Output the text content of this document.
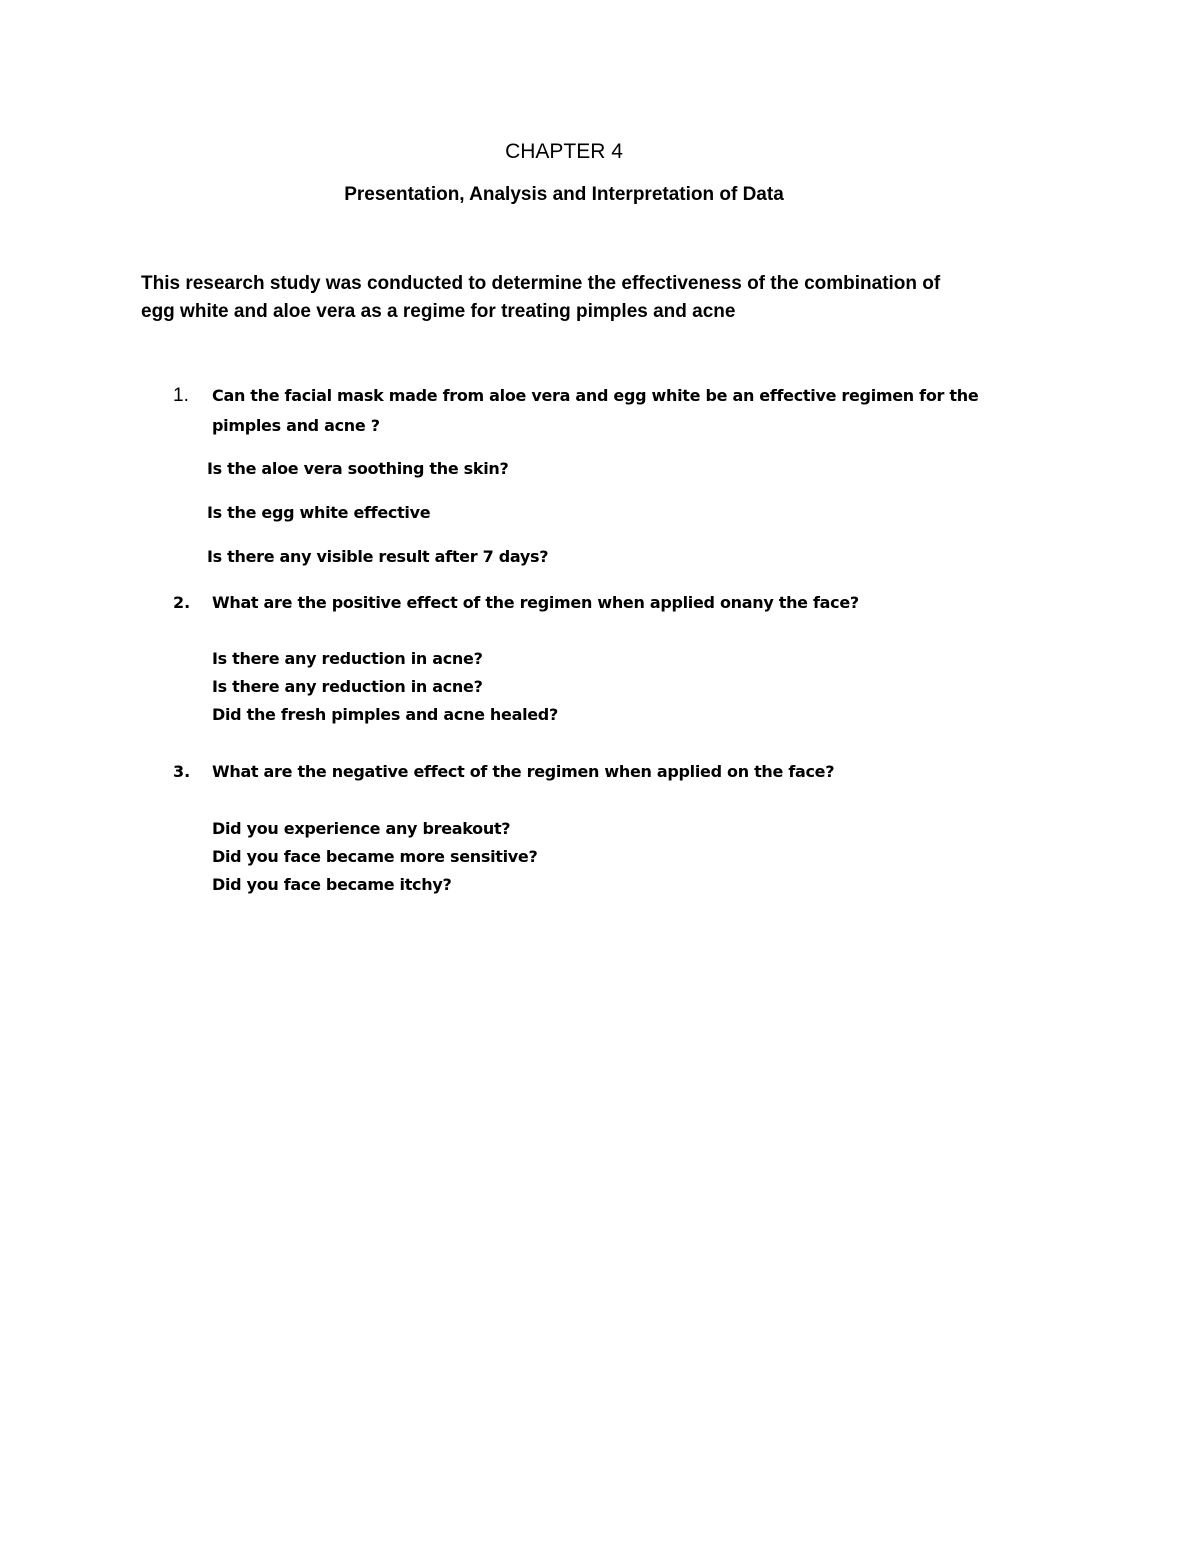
CHAPTER 4
Presentation, Analysis and Interpretation of Data

This research study was conducted to determine the effectiveness of the combination of
egg white and aloe vera as a regime for treating pimples and acne

1. Can the facial mask made from aloe vera and egg white be an effective regimen for the
pimples and acne ?
Is the aloe vera soothing the skin?
Is the egg white effective
Is there any visible result after 7 days?
2. What are the positive effect of the regimen when applied onany the face?
Is there any reduction in acne?
Is there any reduction in acne?
Did the fresh pimples and acne healed?
3. What are the negative effect of the regimen when applied on the face?
Did you experience any breakout?
Did you face became more sensitive?
Did you face became itchy?
